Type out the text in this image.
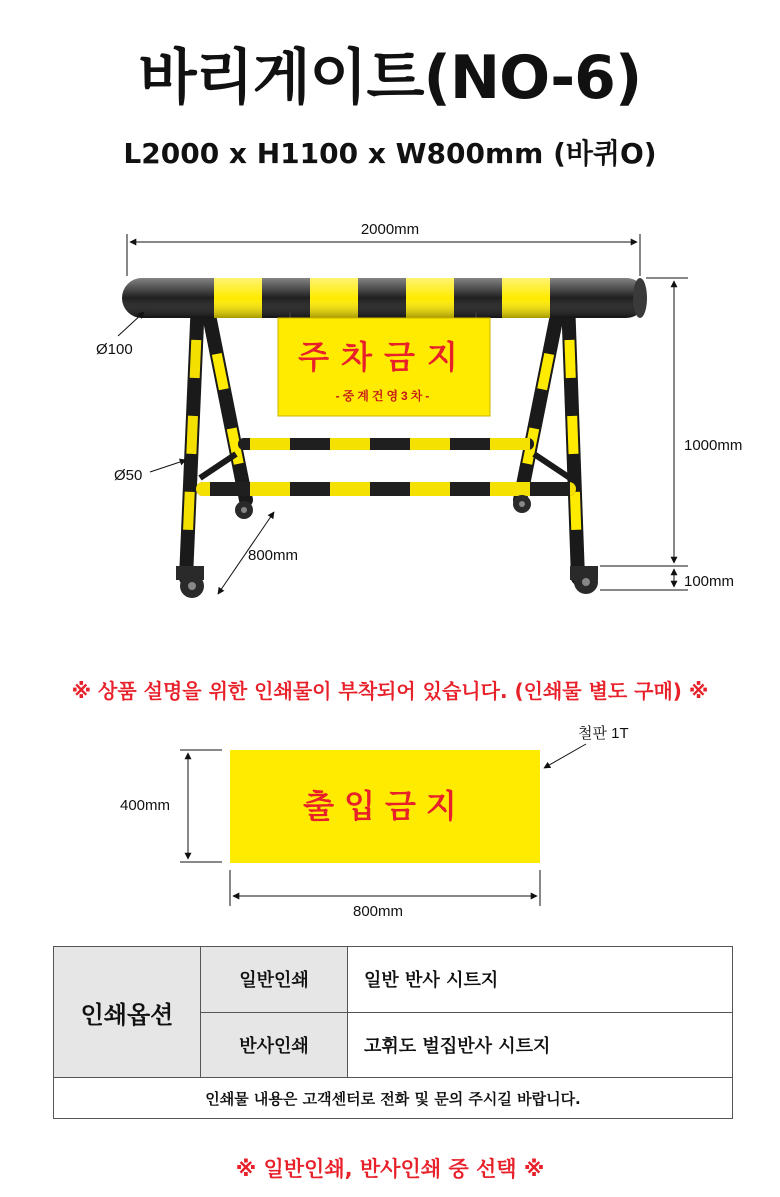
바리게이트(NO-6)
L2000 x H1100 x W800mm (바퀴O)
2000mm
주차금지
-중계건영3차-
Ø100
Ø50
1000mm
100mm
800mm
※ 상품 설명을 위한 인쇄물이 부착되어 있습니다. (인쇄물 별도 구매) ※
출입금지
철판 1T
400mm
800mm
인쇄옵션	일반인쇄	일반 반사 시트지
	반사인쇄	고휘도 벌집반사 시트지
인쇄물 내용은 고객센터로 전화 및 문의 주시길 바랍니다.		
※ 일반인쇄, 반사인쇄 중 선택 ※
